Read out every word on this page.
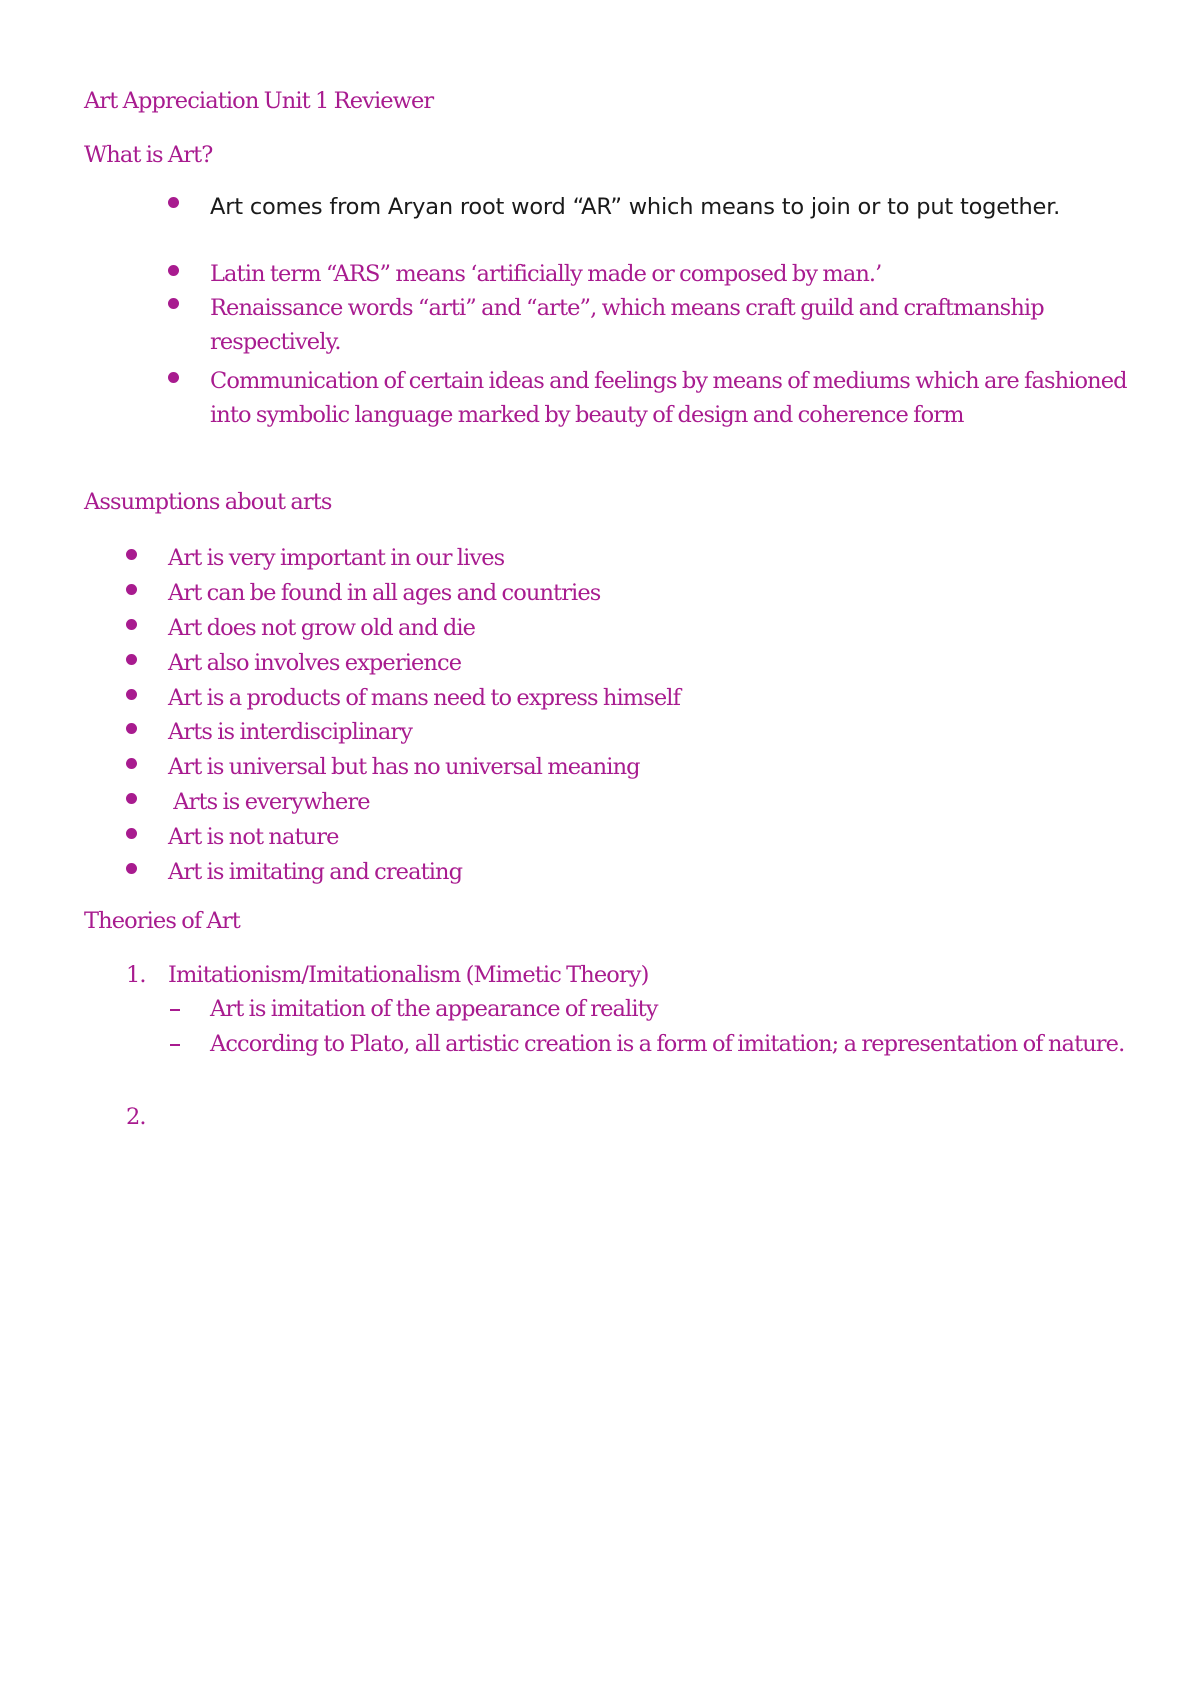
Art Appreciation Unit 1 Reviewer

What is Art?

Art comes from Aryan root word “AR” which means to join or to put together.
Latin term “ARS” means ‘artificially made or composed by man.’
Renaissance words “arti” and “arte”, which means craft guild and craftmanship respectively.
Communication of certain ideas and feelings by means of mediums which are fashioned into symbolic language marked by beauty of design and coherence form

Assumptions about arts

Art is very important in our lives
Art can be found in all ages and countries
Art does not grow old and die
Art also involves experience
Art is a products of mans need to express himself
Arts is interdisciplinary
Art is universal but has no universal meaning
Arts is everywhere
Art is not nature
Art is imitating and creating

Theories of Art

1. Imitationism/Imitationalism (Mimetic Theory)
Art is imitation of the appearance of reality
According to Plato, all artistic creation is a form of imitation; a representation of nature.
2.
